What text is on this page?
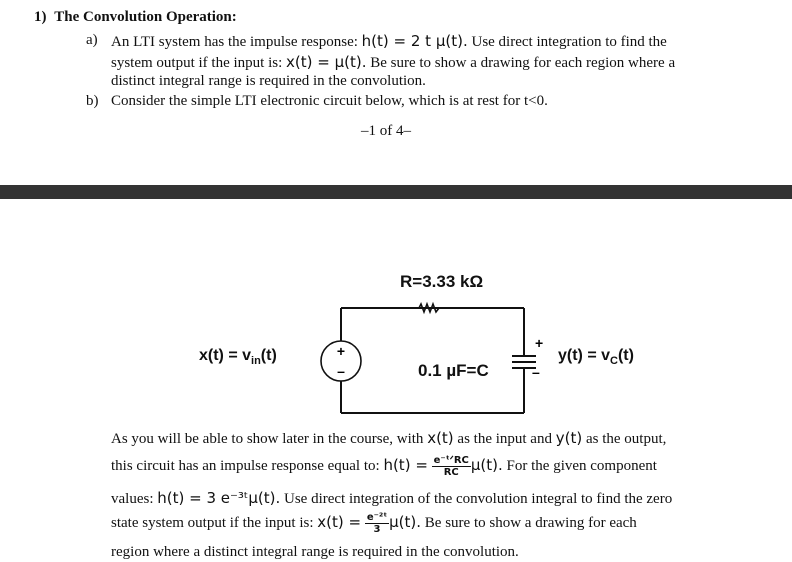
1) The Convolution Operation:
a) An LTI system has the impulse response: h(t) = 2 t μ(t). Use direct integration to find the
system output if the input is: x(t) = μ(t). Be sure to show a drawing for each region where a
distinct integral range is required in the convolution.
b) Consider the simple LTI electronic circuit below, which is at rest for t<0.
–1 of 4–
+
–
+
–
R=3.33 kΩ
0.1 µF=C
$x(t) = v_{in}(t)$	$y(t) = v_C(t)$
As you will be able to show later in the course, with x(t) as the input and y(t) as the output,
this circuit has an impulse response equal to: $h(t) = \frac{\text{e⁻ᵗᐟRC}}{RC} \mu(t)$. For the given component
values: h(t) = 3 e⁻³ᵗμ(t). Use direct integration of the convolution integral to find the zero
state system output if the input is: $x(t) = \frac{\text{e⁻²ᵗ}}{3} \mu(t)$. Be sure to show a drawing for each
region where a distinct integral range is required in the convolution.
